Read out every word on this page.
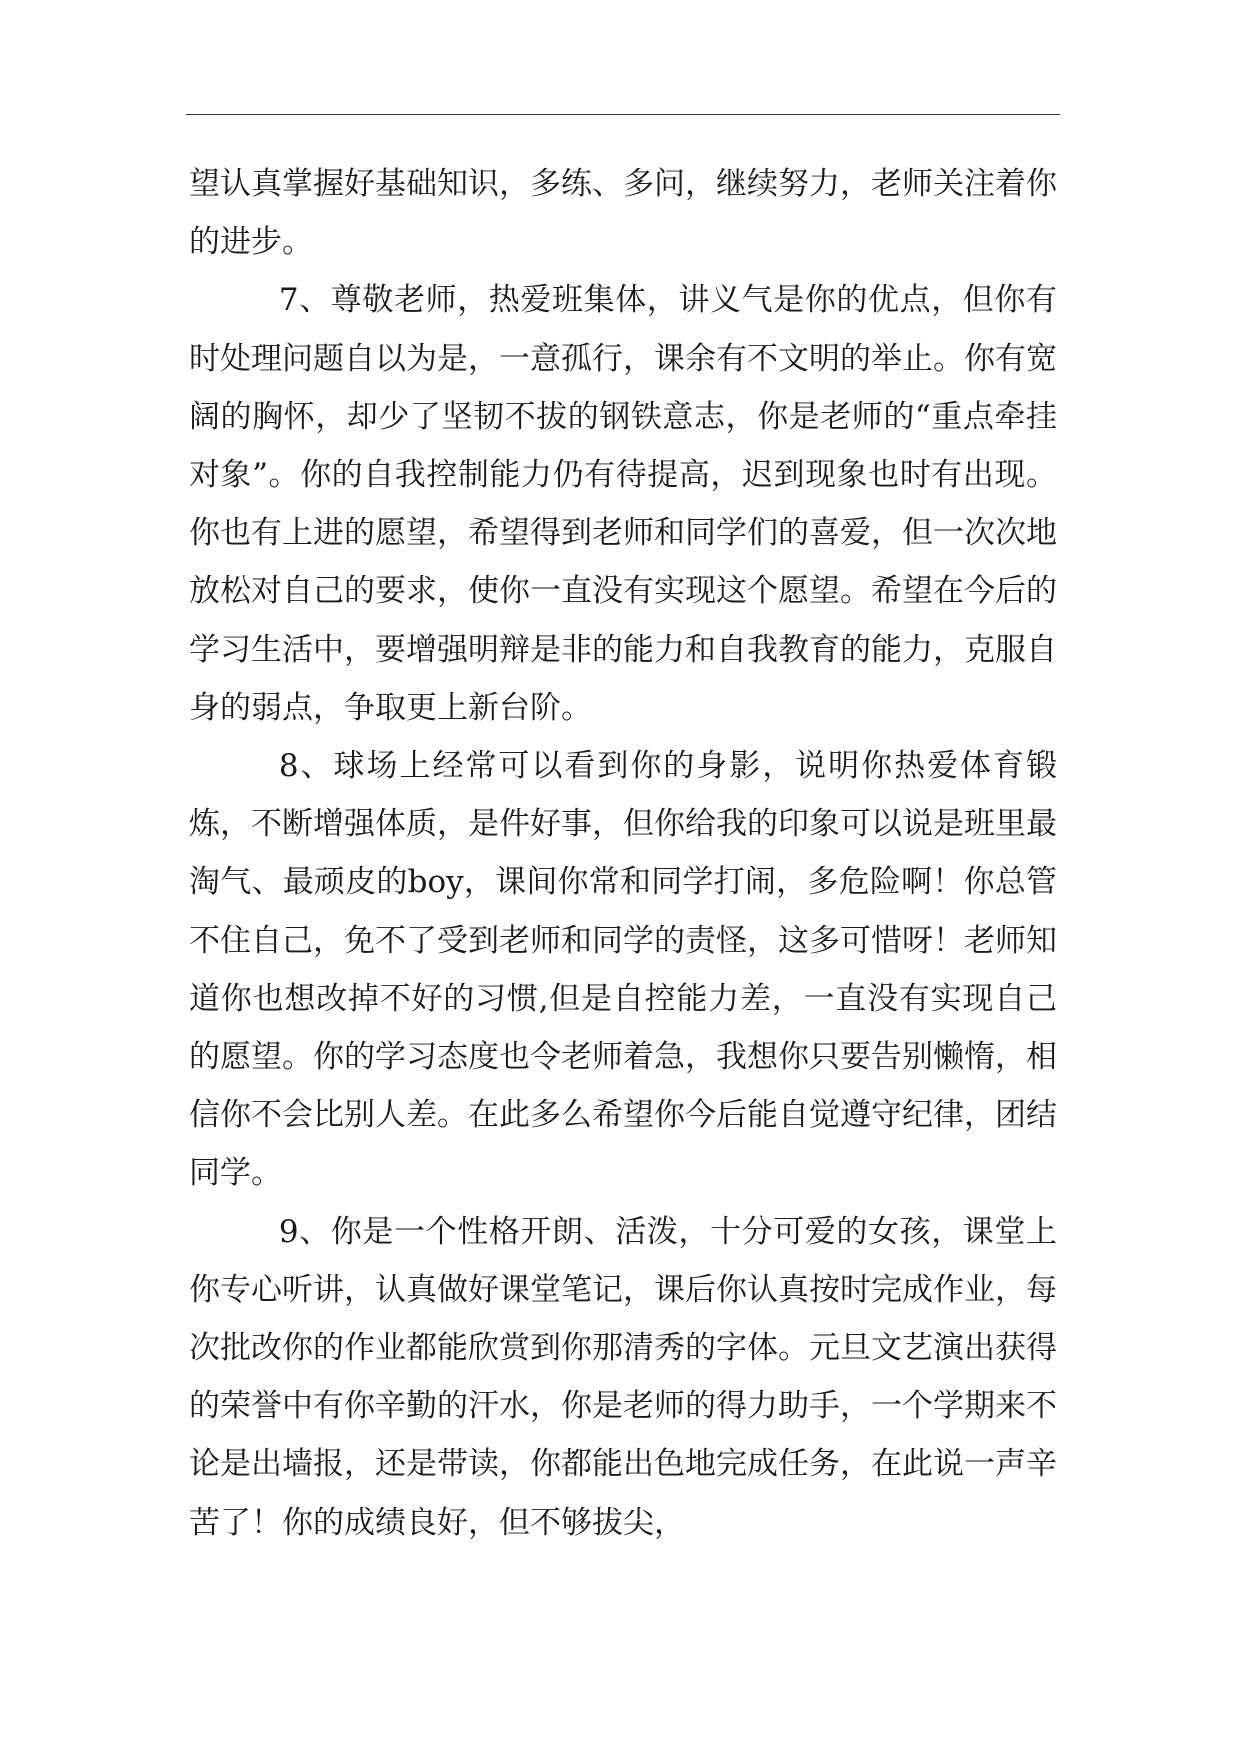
望认真掌握好基础知识，多练、多问，继续努力，老师关注着你的进步。

7、尊敬老师，热爱班集体，讲义气是你的优点，但你有时处理问题自以为是，一意孤行，课余有不文明的举止。你有宽阔的胸怀，却少了坚韧不拔的钢铁意志，你是老师的“重点牵挂对象”。你的自我控制能力仍有待提高，迟到现象也时有出现。你也有上进的愿望，希望得到老师和同学们的喜爱，但一次次地放松对自己的要求，使你一直没有实现这个愿望。希望在今后的学习生活中，要增强明辩是非的能力和自我教育的能力，克服自身的弱点，争取更上新台阶。

8、球场上经常可以看到你的身影，说明你热爱体育锻炼，不断增强体质，是件好事，但你给我的印象可以说是班里最淘气、最顽皮的boy，课间你常和同学打闹，多危险啊！你总管不住自己，免不了受到老师和同学的责怪，这多可惜呀！老师知道你也想改掉不好的习惯,但是自控能力差，一直没有实现自己的愿望。你的学习态度也令老师着急，我想你只要告别懒惰，相信你不会比别人差。在此多么希望你今后能自觉遵守纪律，团结同学。

9、你是一个性格开朗、活泼，十分可爱的女孩，课堂上你专心听讲，认真做好课堂笔记，课后你认真按时完成作业，每次批改你的作业都能欣赏到你那清秀的字体。元旦文艺演出获得的荣誉中有你辛勤的汗水，你是老师的得力助手，一个学期来不论是出墙报，还是带读，你都能出色地完成任务，在此说一声辛苦了！你的成绩良好，但不够拔尖，
